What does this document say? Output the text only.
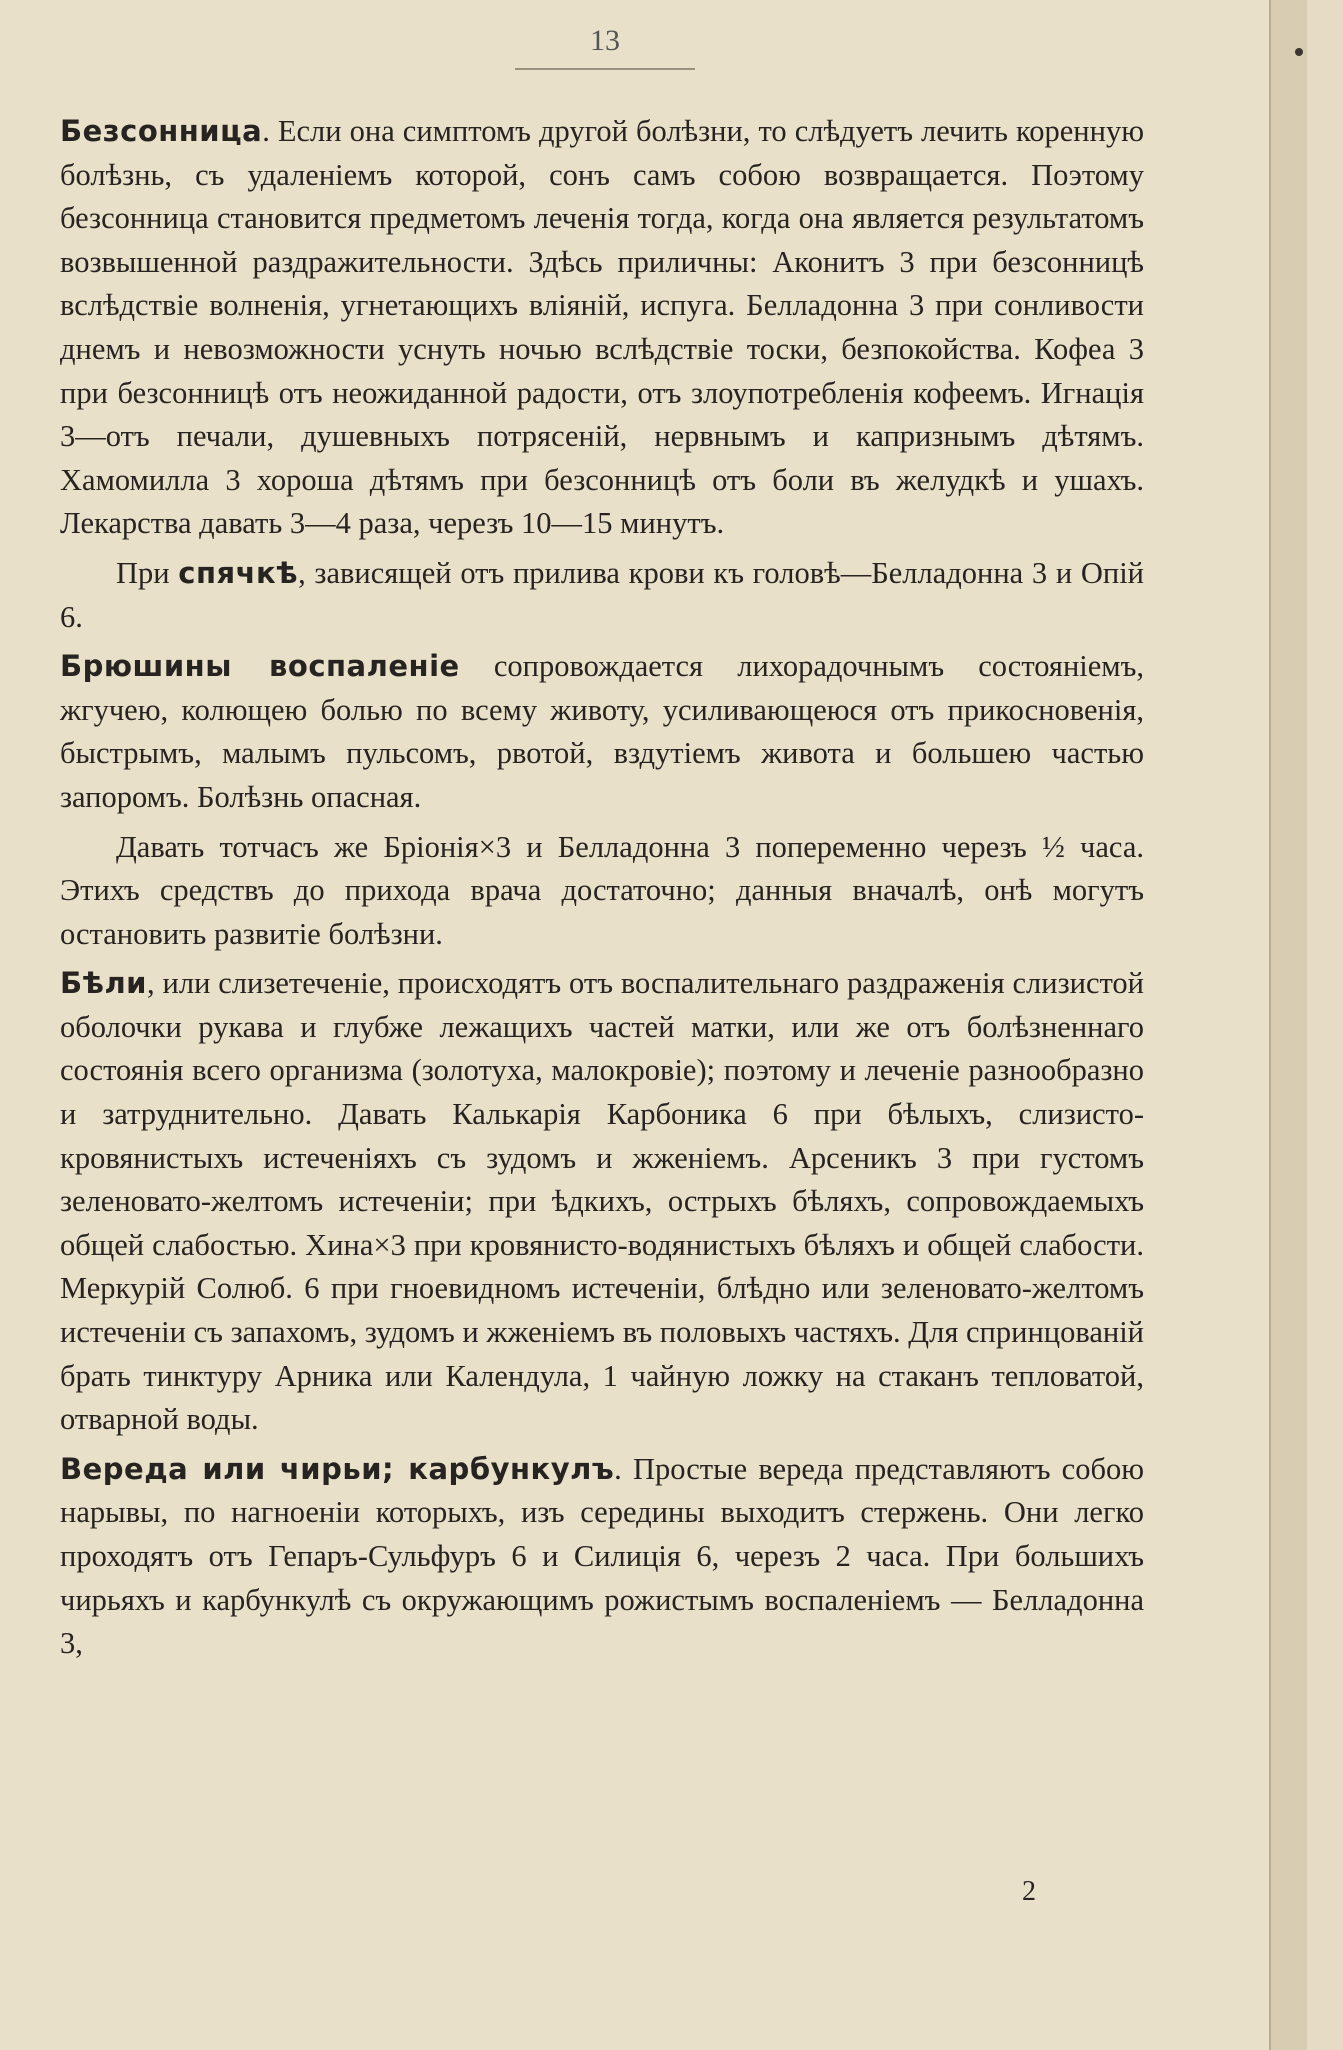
13

Безсонница. Если она симптомъ другой болѣзни, то слѣдуетъ лечить коренную болѣзнь, съ удаленіемъ которой, сонъ самъ собою возвращается. Поэтому безсонница становится предметомъ леченія тогда, когда она является результатомъ возвышенной раздражительности. Здѣсь приличны: Аконитъ 3 при безсонницѣ вслѣдствіе волненія, угнетающихъ вліяній, испуга. Белладонна 3 при сонливости днемъ и невозможности уснуть ночью вслѣдствіе тоски, безпокойства. Кофеа 3 при безсонницѣ отъ неожиданной радости, отъ злоупотребленія кофеемъ. Игнація 3—отъ печали, душевныхъ потрясеній, нервнымъ и капризнымъ дѣтямъ. Хамомилла 3 хороша дѣтямъ при безсонницѣ отъ боли въ желудкѣ и ушахъ. Лекарства давать 3—4 раза, черезъ 10—15 минутъ.

При спячкѣ, зависящей отъ прилива крови къ головѣ—Белладонна 3 и Опій 6.

Брюшины воспаленіе сопровождается лихорадочнымъ состояніемъ, жгучею, колющею болью по всему животу, усиливающеюся отъ прикосновенія, быстрымъ, малымъ пульсомъ, рвотой, вздутіемъ живота и большею частью запоромъ. Болѣзнь опасная.

Давать тотчасъ же Бріонія×3 и Белладонна 3 попеременно черезъ ½ часа. Этихъ средствъ до прихода врача достаточно; данныя вначалѣ, онѣ могутъ остановить развитіе болѣзни.

Бѣли, или слизетеченіе, происходятъ отъ воспалительнаго раздраженія слизистой оболочки рукава и глубже лежащихъ частей матки, или же отъ болѣзненнаго состоянія всего организма (золотуха, малокровіе); поэтому и леченіе разнообразно и затруднительно. Давать Калькарія Карбоника 6 при бѣлыхъ, слизисто-кровянистыхъ истеченіяхъ съ зудомъ и жженіемъ. Арсеникъ 3 при густомъ зеленовато-желтомъ истеченіи; при ѣдкихъ, острыхъ бѣляхъ, сопровождаемыхъ общей слабостью. Хина×3 при кровянисто-водянистыхъ бѣляхъ и общей слабости. Меркурій Солюб. 6 при гноевидномъ истеченіи, блѣдно или зеленовато-желтомъ истеченіи съ запахомъ, зудомъ и жженіемъ въ половыхъ частяхъ. Для спринцованій брать тинктуру Арника или Календула, 1 чайную ложку на стаканъ тепловатой, отварной воды.

Вереда или чирьи; карбункулъ. Простые вереда представляютъ собою нарывы, по нагноеніи которыхъ, изъ середины выходитъ стержень. Они легко проходятъ отъ Гепаръ-Сульфуръ 6 и Силиція 6, черезъ 2 часа. При большихъ чирьяхъ и карбункулѣ съ окружающимъ рожистымъ воспаленіемъ — Белладонна 3,

2
